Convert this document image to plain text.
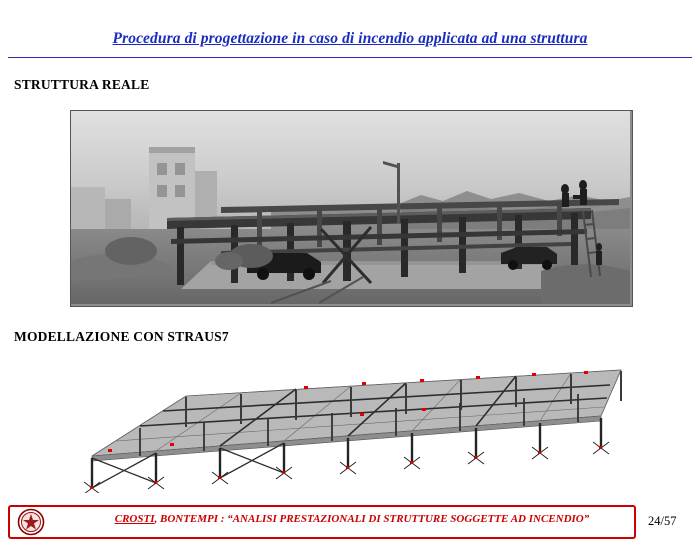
Procedura di progettazione in caso di incendio applicata ad una struttura
STRUTTURA REALE
MODELLAZIONE CON STRAUS7
CROSTI, BONTEMPI : “ANALISI PRESTAZIONALI DI STRUTTURE SOGGETTE AD INCENDIO”	24/57
